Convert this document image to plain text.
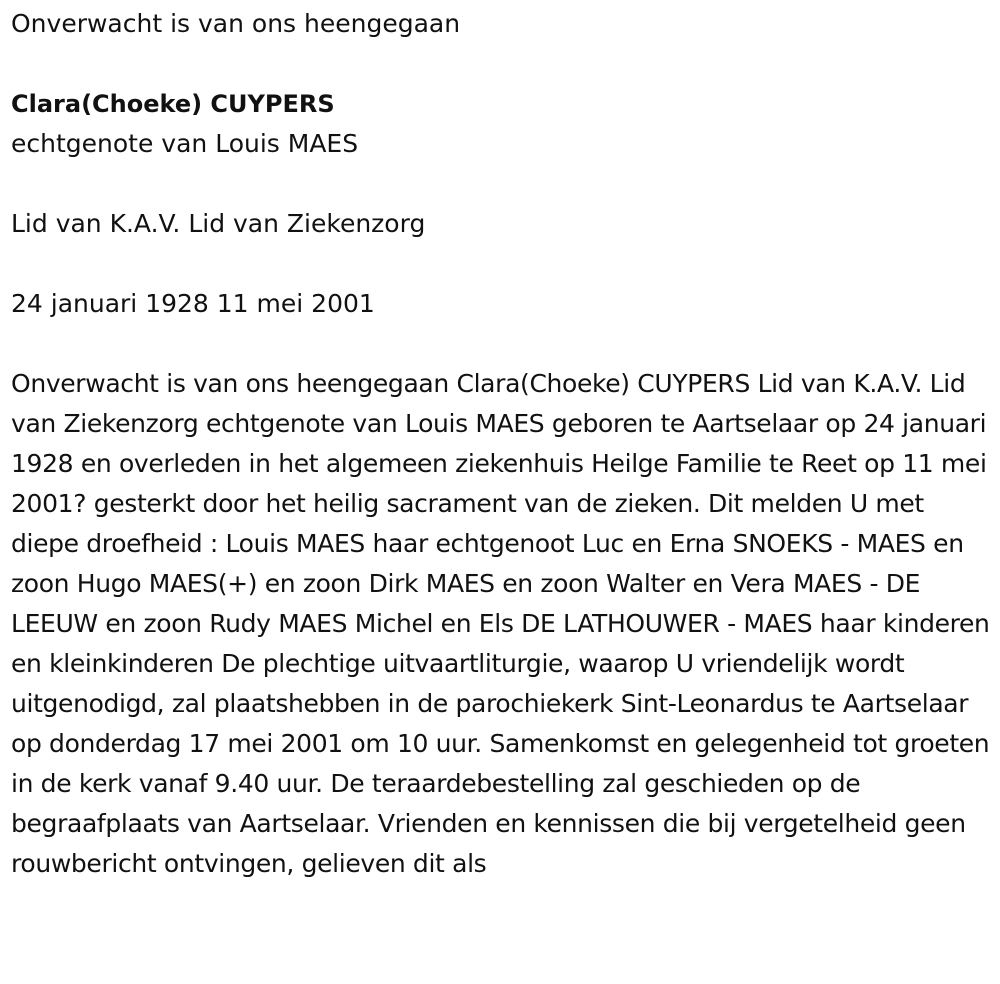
Onverwacht is van ons heengegaan

Clara(Choeke) CUYPERS

echtgenote van Louis MAES

Lid van K.A.V. Lid van Ziekenzorg

24 januari 1928 11 mei 2001

Onverwacht is van ons heengegaan Clara(Choeke) CUYPERS Lid van K.A.V. Lid van Ziekenzorg echtgenote van Louis MAES geboren te Aartselaar op 24 januari 1928 en overleden in het algemeen ziekenhuis Heilge Familie te Reet op 11 mei 2001? gesterkt door het heilig sacrament van de zieken. Dit melden U met diepe droefheid : Louis MAES haar echtgenoot Luc en Erna SNOEKS - MAES en zoon Hugo MAES(+) en zoon Dirk MAES en zoon Walter en Vera MAES - DE LEEUW en zoon Rudy MAES Michel en Els DE LATHOUWER - MAES haar kinderen en kleinkinderen De plechtige uitvaartliturgie, waarop U vriendelijk wordt uitgenodigd, zal plaatshebben in de parochiekerk Sint-Leonardus te Aartselaar op donderdag 17 mei 2001 om 10 uur. Samenkomst en gelegenheid tot groeten in de kerk vanaf 9.40 uur. De teraardebestelling zal geschieden op de begraafplaats van Aartselaar. Vrienden en kennissen die bij vergetelheid geen rouwbericht ontvingen, gelieven dit als
